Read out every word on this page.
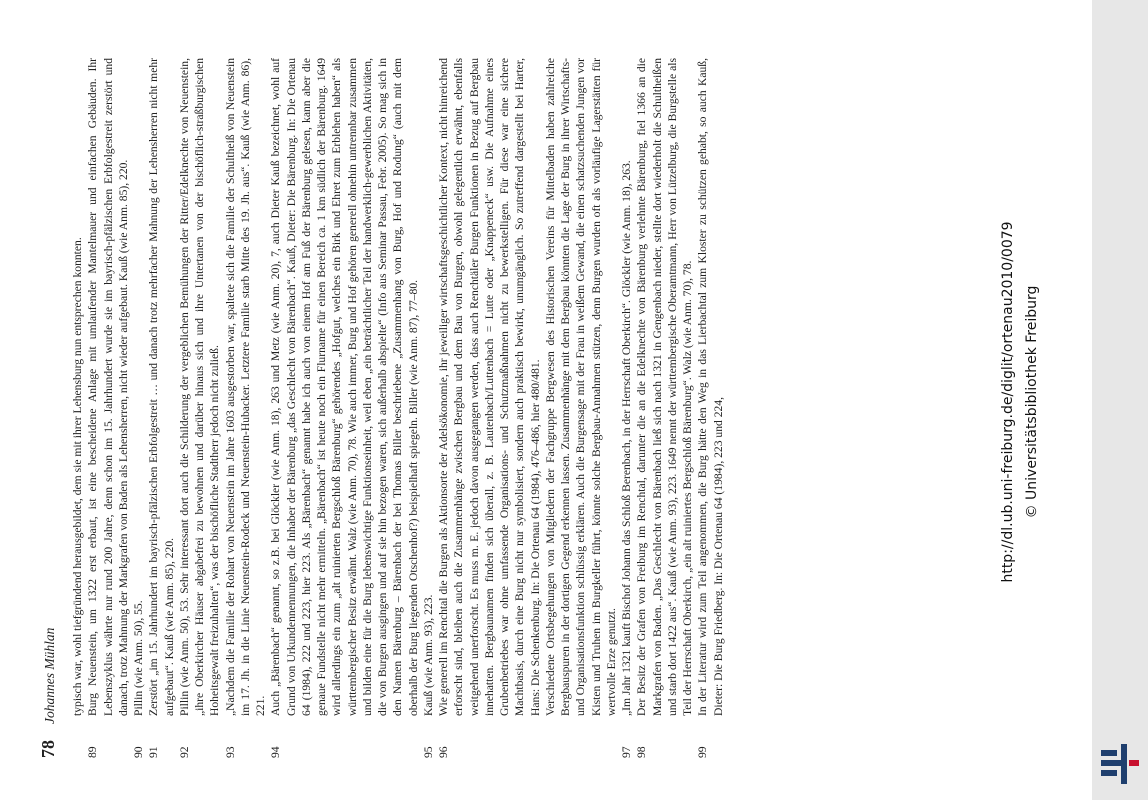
78 Johannes Mühlan typisch war, wohl tiefgründend herausgebildet, dem sie mit ihrer Lehensburg nun entsprechen konnten.

89

Burg Neuenstein, um 1322 erst erbaut, ist eine bescheidene Anlage mit umlaufender Mantelmauer und einfachen Gebäuden. Ihr Lebenszyklus währte nur rund 200 Jahre, denn schon im 15. Jahrhundert wurde sie im bayrisch-pfälzischen Erbfolgestreit zerstört und danach, trotz Mahnung der Markgrafen von Baden als Lehensherren, nicht wieder aufgebaut. Kauß (wie Anm. 85), 220.

90

Pillin (wie Anm. 50), 55.

91

Zerstört „im 15. Jahrhundert im bayrisch-pfälzischen Erbfolgestreit … und danach trotz mehrfacher Mahnung der Lehensherren nicht mehr aufgebaut“. Kauß (wie Anm. 85), 220.

92

Pillin (wie Anm. 50), 53. Sehr interessant dort auch die Schilderung der vergeblichen Bemühungen der Ritter/Edelknechte von Neuenstein, „ihre Oberkircher Häuser abgabefrei zu bewohnen und darüber hinaus sich und ihre Untertanen von der bischöflich-straßburgischen Hoheitsgewalt freizuhalten“, was der bischöfliche Stadtherr jedoch nicht zuließ.

93

„Nachdem die Familie der Rohart von Neuenstein im Jahre 1603 ausgestorben war, spaltete sich die Familie der Schultheiß von Neuenstein im 17. Jh. in die Linie Neuenstein-Rodeck und Neuenstein-Hubacker. Letztere Familie starb Mitte des 19. Jh. aus“. Kauß (wie Anm. 86), 221.

94

Auch „Bärenbach“ genannt, so z.B. bei Glöckler (wie Anm. 18), 263 und Metz (wie Anm. 20), 7, auch Dieter Kauß bezeichnet, wohl auf Grund von Urkundennennungen, die Inhaber der Bärenburg „das Geschlecht von Bärenbach“. Kauß, Dieter: Die Bärenburg. In: Die Ortenau 64 (1984), 222 und 223, hier 223. Als „Bärenbach“ genannt habe ich auch von einem Hof am Fuß der Bärenburg gelesen, kann aber die genaue Fundstelle nicht mehr ermitteln. „Bärenbach“ ist heute noch ein Flurname für einen Bereich ca. 1 km südlich der Bärenburg. 1649 wird allerdings ein zum „alt ruinierten Bergschloß Bärenburg“ gehörendes „Hofgut, welches ein Birk und Ehret zum Erblehen haben“ als württembergischer Besitz erwähnt. Walz (wie Anm. 70), 78. Wie auch immer, Burg und Hof gehören generell ohnehin untrennbar zusammen und bilden eine für die Burg lebenswichtige Funktionseinheit, weil eben „ein beträchtlicher Teil der handwerklich-gewerblichen Aktivitäten, die von Burgen ausgingen und auf sie hin bezogen waren, sich außerhalb abspielte“ (Info aus Seminar Passau, Febr. 2005). So mag sich in den Namen Bärenburg – Bärenbach der bei Thomas Biller beschriebene „Zusammenhang von Burg, Hof und Rodung“ (auch mit dem oberhalb der Burg liegenden Otschenhof?) beispielhaft spiegeln. Biller (wie Anm. 87), 77–80.

95

Kauß (wie Anm. 93), 223.

96

Wie generell im Renchtal die Burgen als Aktionsorte der Adelsökonomie, ihr jeweiliger wirtschaftsgeschichtlicher Kontext, nicht hinreichend erforscht sind, bleiben auch die Zusammenhänge zwischen Bergbau und dem Bau von Burgen, obwohl gelegentlich erwähnt, ebenfalls weitgehend unerforscht. Es muss m. E. jedoch davon ausgegangen werden, dass auch Renchtäler Burgen Funktionen in Bezug auf Bergbau innehatten. Bergbaunamen finden sich überall, z. B. Lautenbach/Luttenbach = Lutte oder „Knappeneck“ usw. Die Aufnahme eines Grubenbetriebes war ohne umfassende Organisations- und Schutzmaßnahmen nicht zu bewerkstelligen. Für diese war eine sichere Machtbasis, durch eine Burg nicht nur symbolisiert, sondern auch praktisch bewirkt, unumgänglich. So zutreffend dargestellt bei Harter, Hans: Die Schenkenburg. In: Die Ortenau 64 (1984), 476–486, hier 480/481. Verschiedene Ortsbegehungen von Mitgliedern der Fachgruppe Bergwesen des Historischen Vereins für Mittelbaden haben zahlreiche Bergbauspuren in der dortigen Gegend erkennen lassen. Zusammenhänge mit dem Bergbau könnten die Lage der Burg in ihrer Wirtschafts- und Organisationsfunktion schlüssig erklären. Auch die Burgensage mit der Frau in weißem Gewand, die einen schatzsuchenden Jungen vor Kisten und Truhen im Burgkeller führt, könnte solche Bergbau-Annahmen stützen, denn Burgen wurden oft als vorläufige Lagerstätten für wertvolle Erze genutzt.

97

„Im Jahr 1321 kauft Bischof Johann das Schloß Berenbach, in der Herrschaft Oberkirch“. Glöckler (wie Anm. 18), 263.

98

Der Besitz der Grafen von Freiburg im Renchtal, darunter die an die Edelknechte von Bärenburg verlehnte Bärenburg, fiel 1366 an die Markgrafen von Baden. „Das Geschlecht von Bärenbach ließ sich nach 1321 in Gengenbach nieder, stellte dort wiederholt die Schultheißen und starb dort 1422 aus“. Kauß (wie Anm. 93), 223. 1649 nennt der württembergische Oberamtmann, Herr von Lützelburg, die Burgstelle als Teil der Herrschaft Oberkirch, „ein alt ruiniertes Bergschloß Bärenburg“. Walz (wie Anm. 70), 78.

99

In der Literatur wird zum Teil angenommen, die Burg hätte den Weg in das Lierbachtal zum Kloster zu schützen gehabt, so auch Kauß, Dieter: Die Burg Friedberg. In: Die Ortenau 64 (1984), 223 und 224,	http://dl.ub.uni-freiburg.de/diglit/ortenau2010/0079 © Universitätsbibliothek Freiburg
